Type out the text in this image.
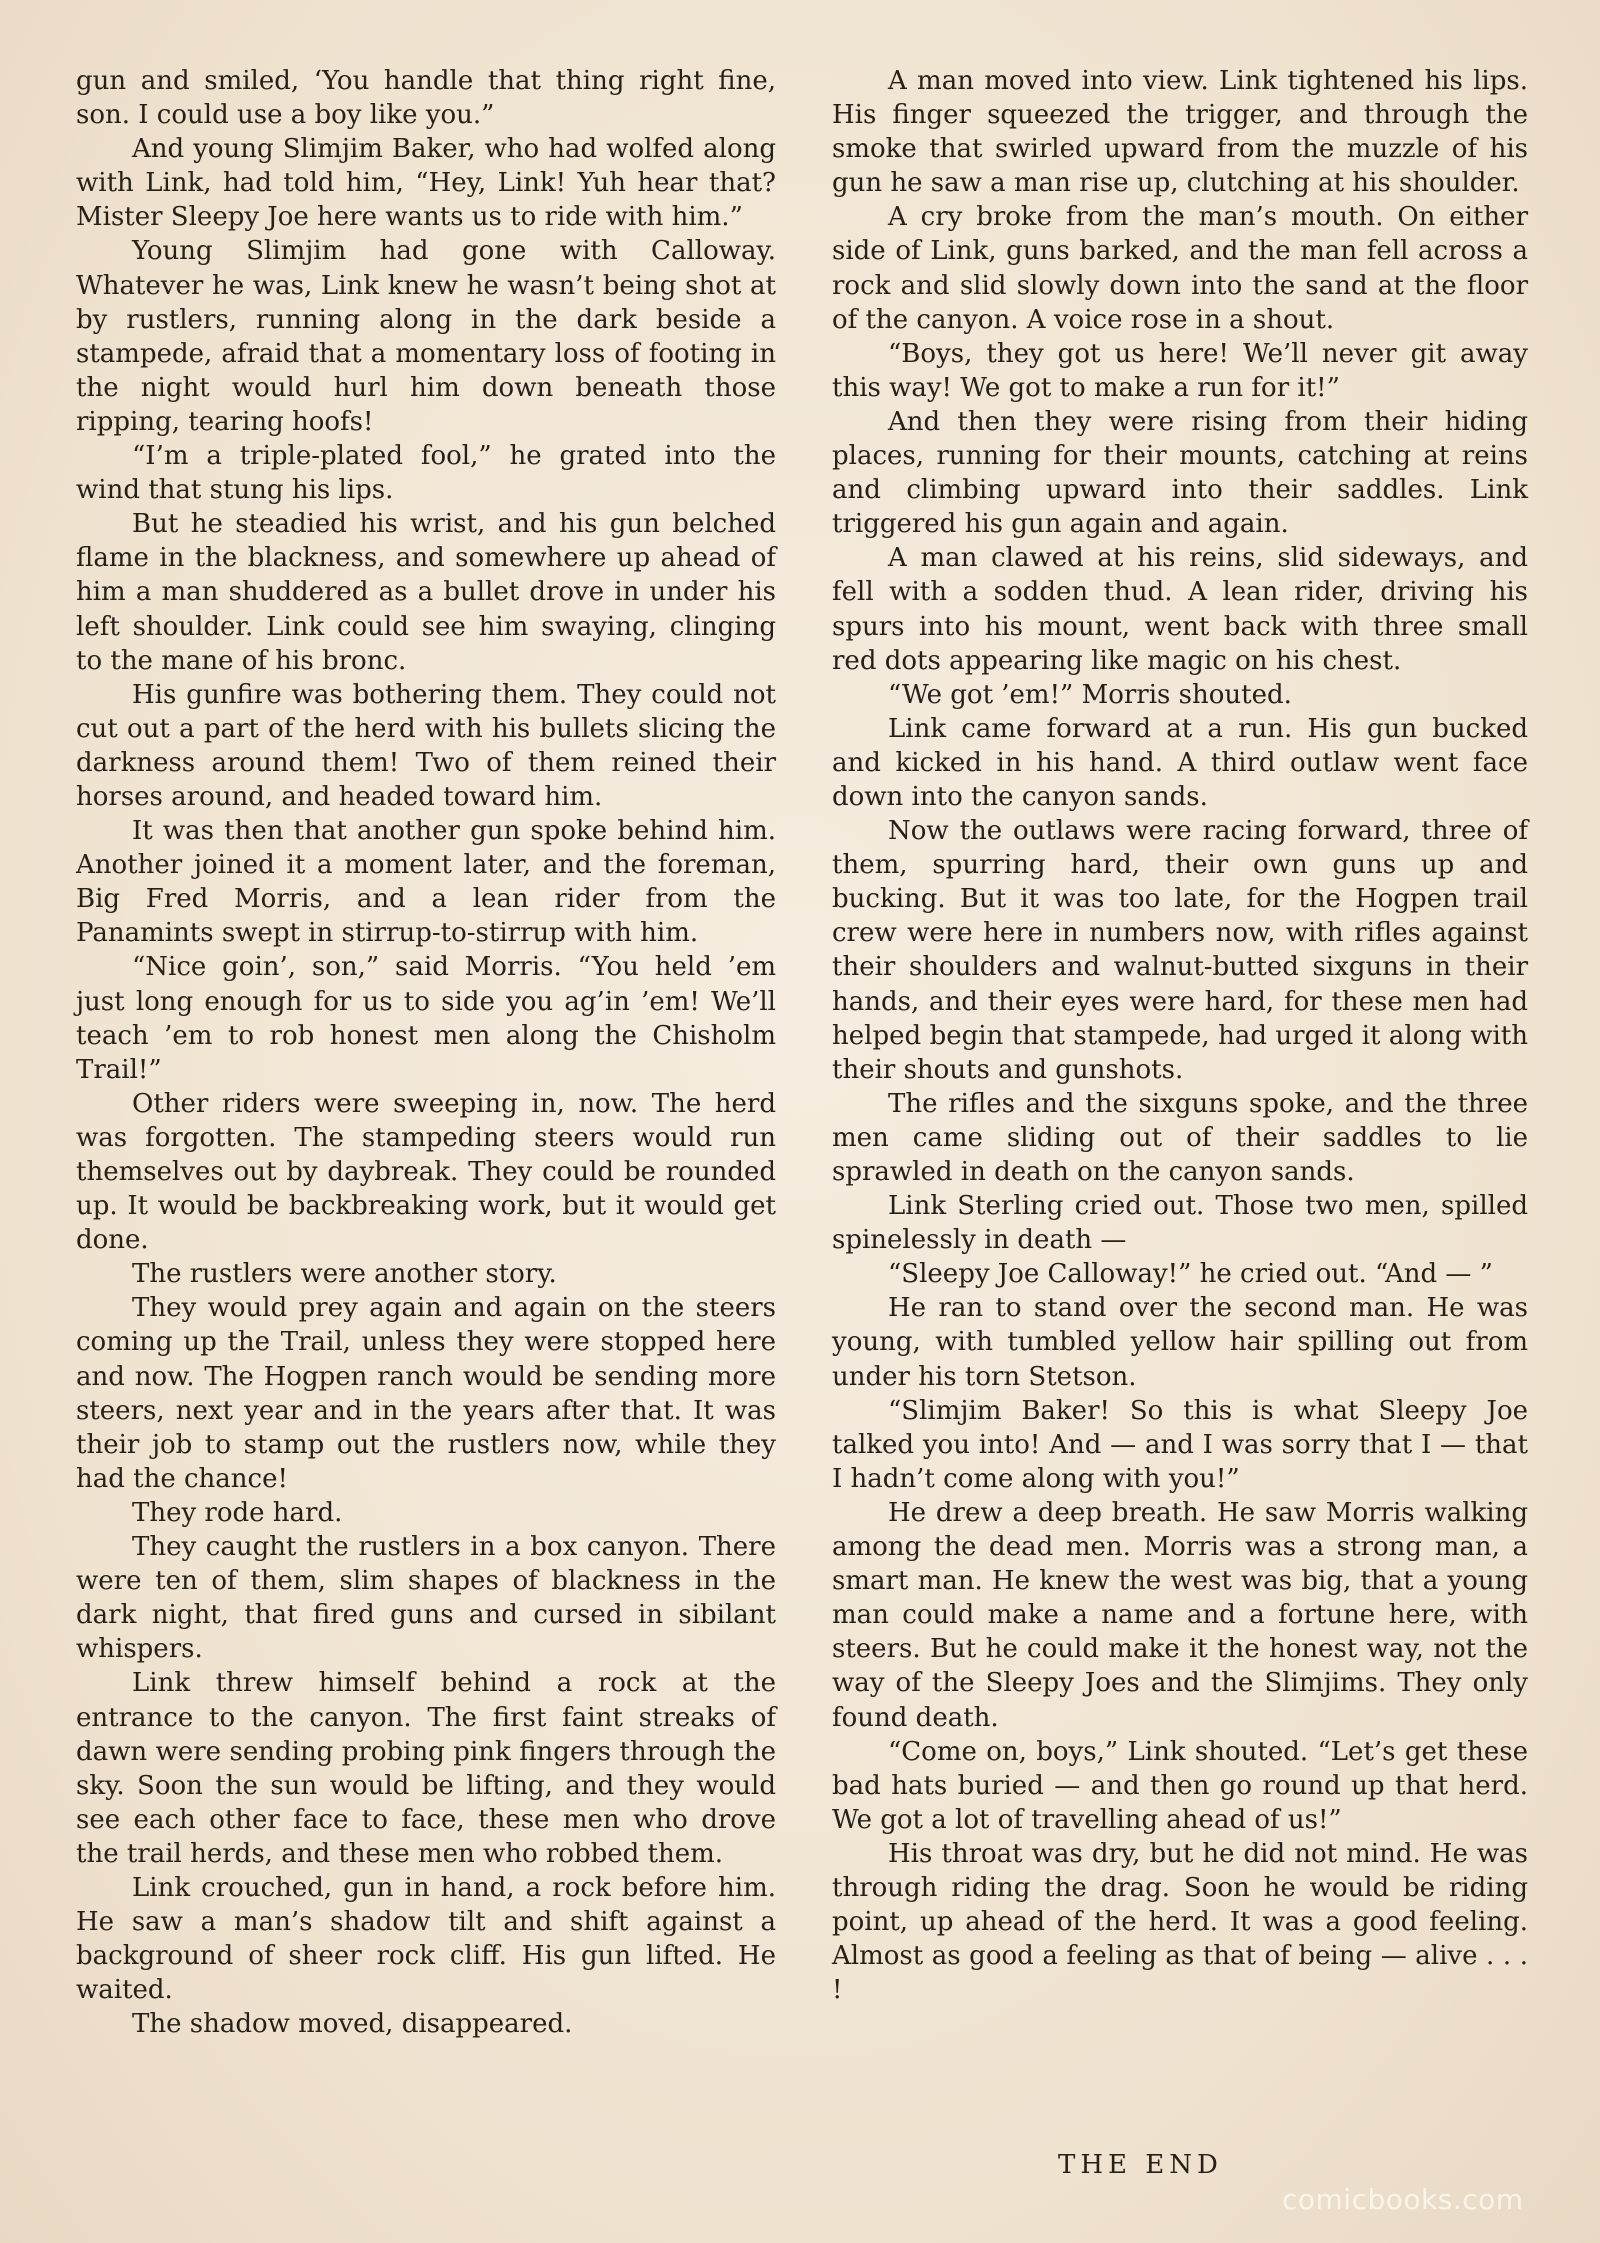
gun and smiled, ‘You handle that thing right fine, son. I could use a boy like you.”

And young Slimjim Baker, who had wolfed along with Link, had told him, “Hey, Link! Yuh hear that? Mister Sleepy Joe here wants us to ride with him.”

Young Slimjim had gone with Calloway. Whatever he was, Link knew he wasn’t being shot at by rustlers, running along in the dark beside a stampede, afraid that a momentary loss of footing in the night would hurl him down beneath those ripping, tearing hoofs!

“I’m a triple-plated fool,” he grated into the wind that stung his lips.

But he steadied his wrist, and his gun belched flame in the blackness, and somewhere up ahead of him a man shuddered as a bullet drove in under his left shoulder. Link could see him swaying, clinging to the mane of his bronc.

His gunfire was bothering them. They could not cut out a part of the herd with his bullets slicing the darkness around them! Two of them reined their horses around, and headed toward him.

It was then that another gun spoke behind him. Another joined it a moment later, and the foreman, Big Fred Morris, and a lean rider from the Panamints swept in stirrup-to-stirrup with him.

“Nice goin’, son,” said Morris. “You held ’em just long enough for us to side you ag’in ’em! We’ll teach ’em to rob honest men along the Chisholm Trail!”

Other riders were sweeping in, now. The herd was forgotten. The stampeding steers would run themselves out by daybreak. They could be rounded up. It would be backbreaking work, but it would get done.

The rustlers were another story.

They would prey again and again on the steers coming up the Trail, unless they were stopped here and now. The Hogpen ranch would be sending more steers, next year and in the years after that. It was their job to stamp out the rustlers now, while they had the chance!

They rode hard.

They caught the rustlers in a box canyon. There were ten of them, slim shapes of blackness in the dark night, that fired guns and cursed in sibilant whispers.

Link threw himself behind a rock at the entrance to the canyon. The first faint streaks of dawn were sending probing pink fingers through the sky. Soon the sun would be lifting, and they would see each other face to face, these men who drove the trail herds, and these men who robbed them.

Link crouched, gun in hand, a rock before him. He saw a man’s shadow tilt and shift against a background of sheer rock cliff. His gun lifted. He waited.

The shadow moved, disappeared.

A man moved into view. Link tightened his lips. His finger squeezed the trigger, and through the smoke that swirled upward from the muzzle of his gun he saw a man rise up, clutching at his shoulder.

A cry broke from the man’s mouth. On either side of Link, guns barked, and the man fell across a rock and slid slowly down into the sand at the floor of the canyon. A voice rose in a shout.

“Boys, they got us here! We’ll never git away this way! We got to make a run for it!”

And then they were rising from their hiding places, running for their mounts, catching at reins and climbing upward into their saddles. Link triggered his gun again and again.

A man clawed at his reins, slid sideways, and fell with a sodden thud. A lean rider, driving his spurs into his mount, went back with three small red dots appearing like magic on his chest.

“We got ’em!” Morris shouted.

Link came forward at a run. His gun bucked and kicked in his hand. A third outlaw went face down into the canyon sands.

Now the outlaws were racing forward, three of them, spurring hard, their own guns up and bucking. But it was too late, for the Hogpen trail crew were here in numbers now, with rifles against their shoulders and walnut-butted sixguns in their hands, and their eyes were hard, for these men had helped begin that stampede, had urged it along with their shouts and gunshots.

The rifles and the sixguns spoke, and the three men came sliding out of their saddles to lie sprawled in death on the canyon sands.

Link Sterling cried out. Those two men, spilled spinelessly in death —

“Sleepy Joe Calloway!” he cried out. “And — ”

He ran to stand over the second man. He was young, with tumbled yellow hair spilling out from under his torn Stetson.

“Slimjim Baker! So this is what Sleepy Joe talked you into! And — and I was sorry that I — that I hadn’t come along with you!”

He drew a deep breath. He saw Morris walking among the dead men. Morris was a strong man, a smart man. He knew the west was big, that a young man could make a name and a fortune here, with steers. But he could make it the honest way, not the way of the Sleepy Joes and the Slimjims. They only found death.

“Come on, boys,” Link shouted. “Let’s get these bad hats buried — and then go round up that herd. We got a lot of travelling ahead of us!”

His throat was dry, but he did not mind. He was through riding the drag. Soon he would be riding point, up ahead of the herd. It was a good feeling. Almost as good a feeling as that of being — alive . . . !

THE END
comicbooks.com
